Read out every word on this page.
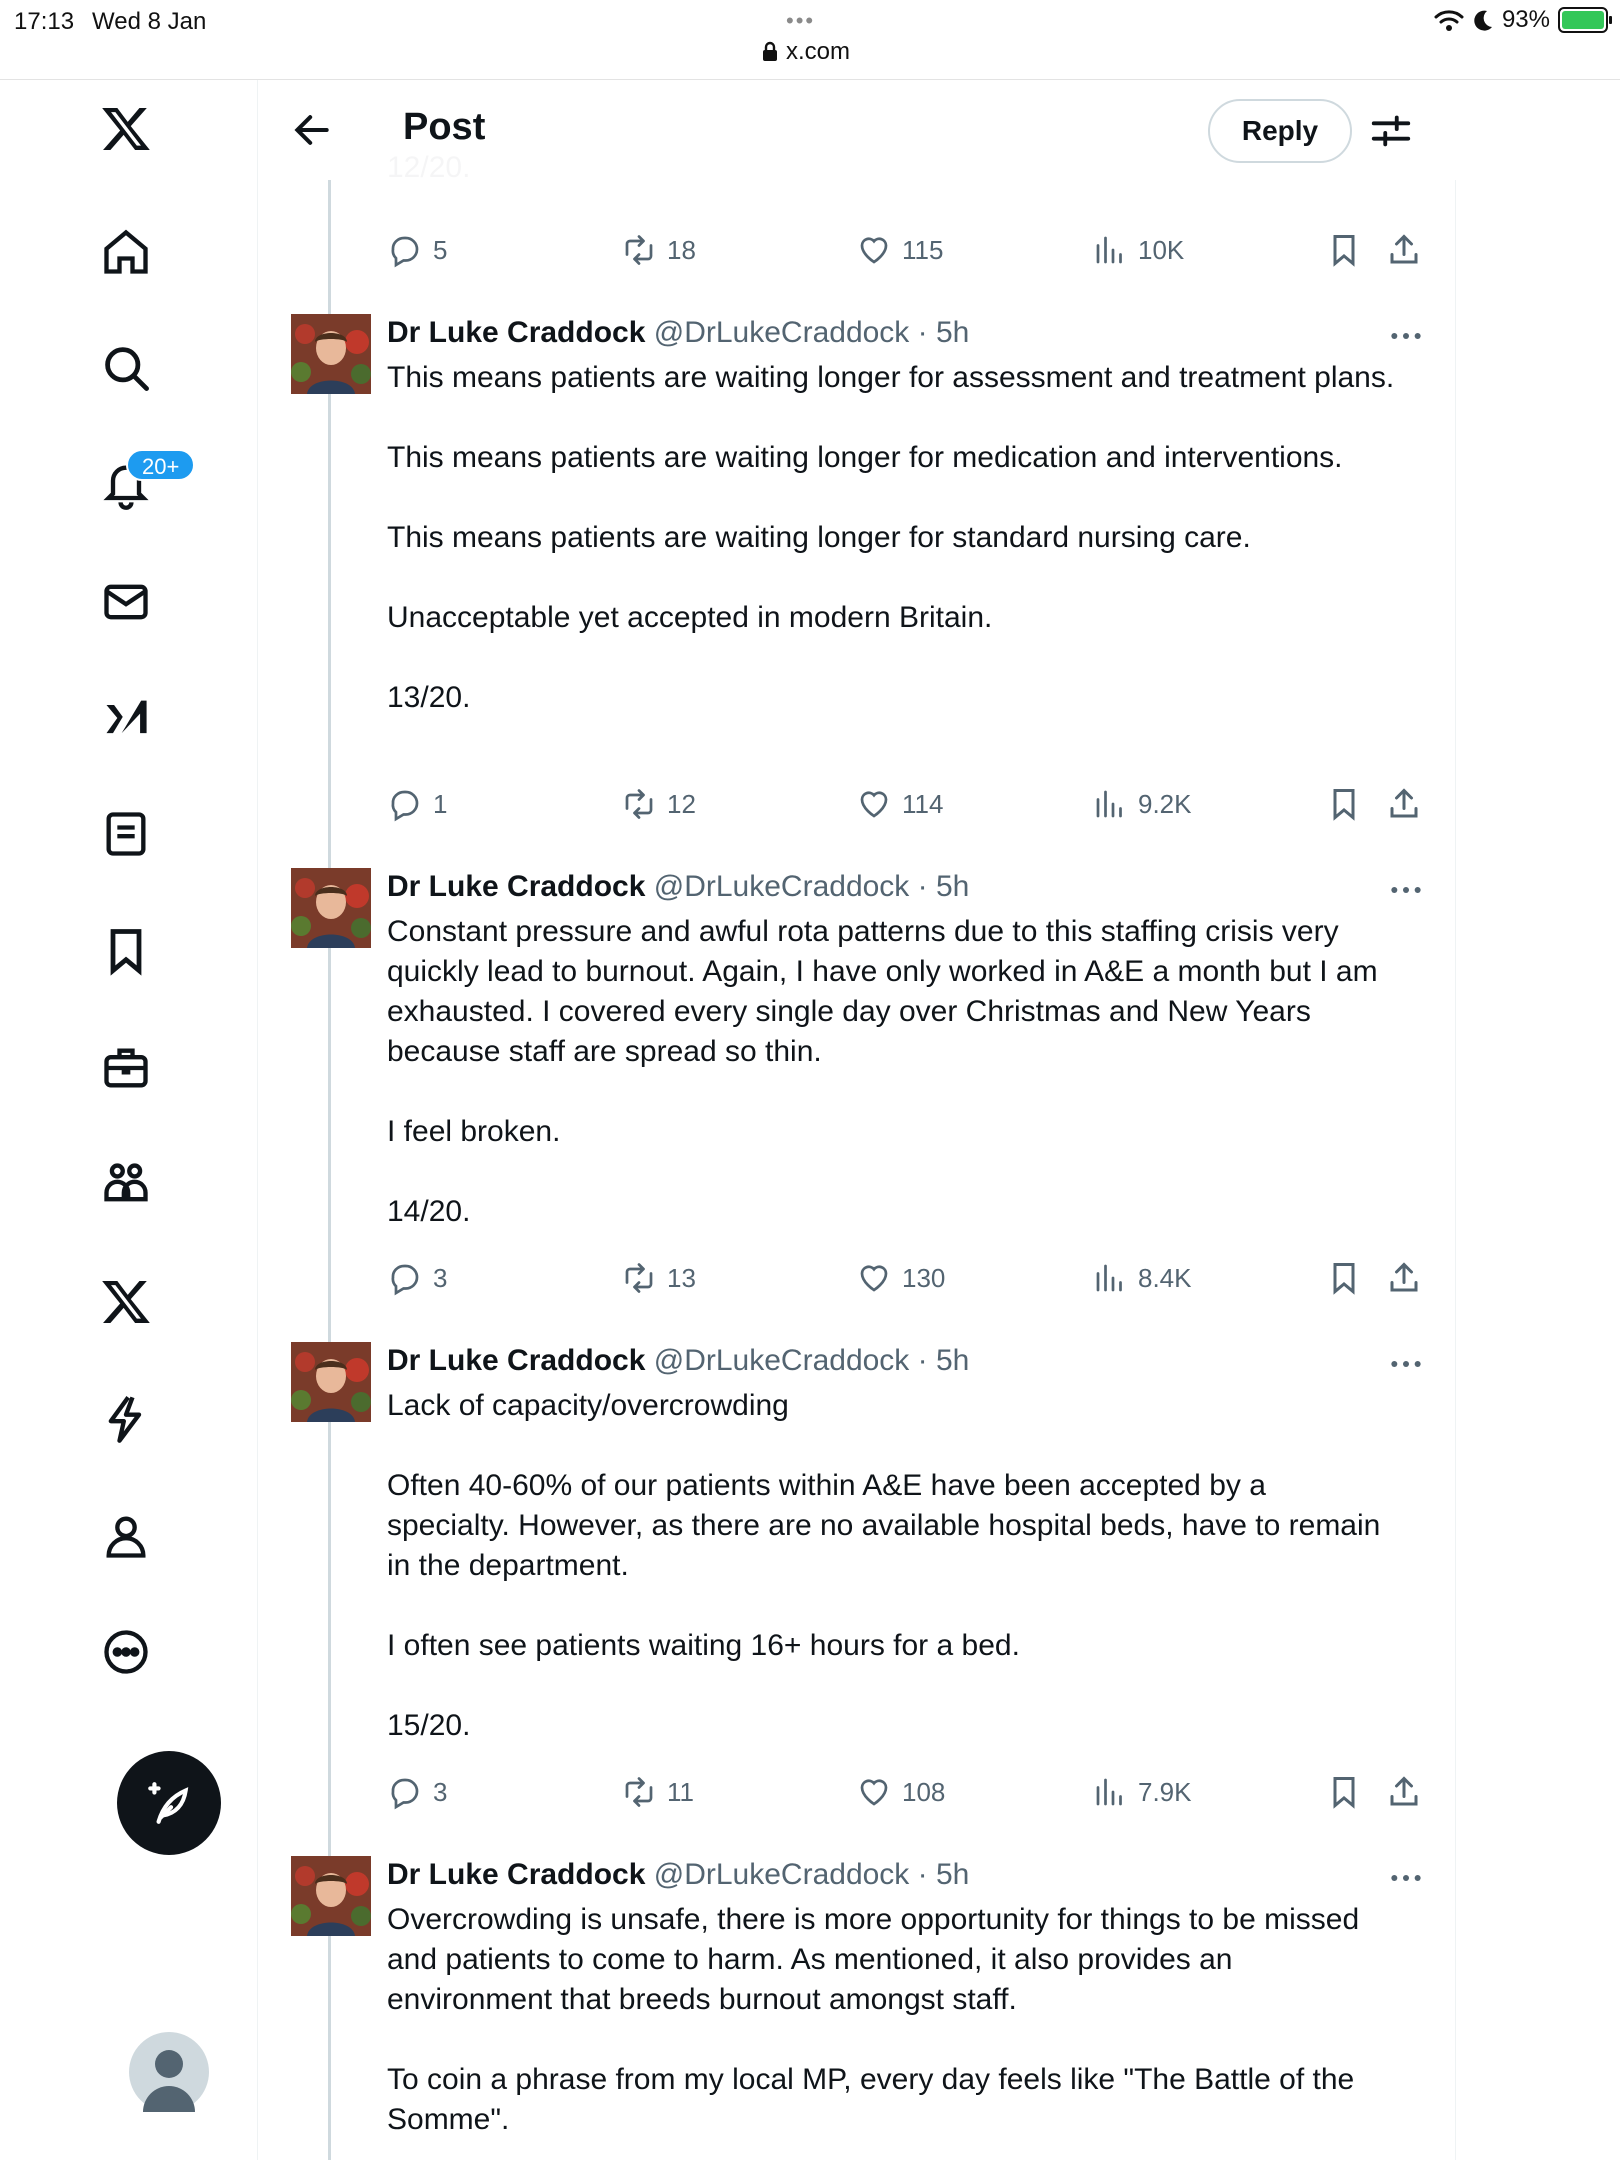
17:13 Wed 8 Jan	•••
x.com
93%
20+
Post	Reply
5	18	115	10K
Dr Luke Craddock @DrLukeCraddock · 5h

This means patients are waiting longer for assessment and treatment plans.

This means patients are waiting longer for medication and interventions.

This means patients are waiting longer for standard nursing care.

Unacceptable yet accepted in modern Britain.

13/20.

1	12	114	9.2K
Dr Luke Craddock @DrLukeCraddock · 5h

Constant pressure and awful rota patterns due to this staffing crisis very quickly lead to burnout. Again, I have only worked in A&E a month but I am exhausted. I covered every single day over Christmas and New Years because staff are spread so thin.

I feel broken.

14/20.

3	13	130	8.4K
Dr Luke Craddock @DrLukeCraddock · 5h

Lack of capacity/overcrowding

Often 40-60% of our patients within A&E have been accepted by a specialty. However, as there are no available hospital beds, have to remain in the department.

I often see patients waiting 16+ hours for a bed.

15/20.

3	11	108	7.9K
Dr Luke Craddock @DrLukeCraddock · 5h

Overcrowding is unsafe, there is more opportunity for things to be missed and patients to come to harm. As mentioned, it also provides an environment that breeds burnout amongst staff.

To coin a phrase from my local MP, every day feels like "The Battle of the Somme".
